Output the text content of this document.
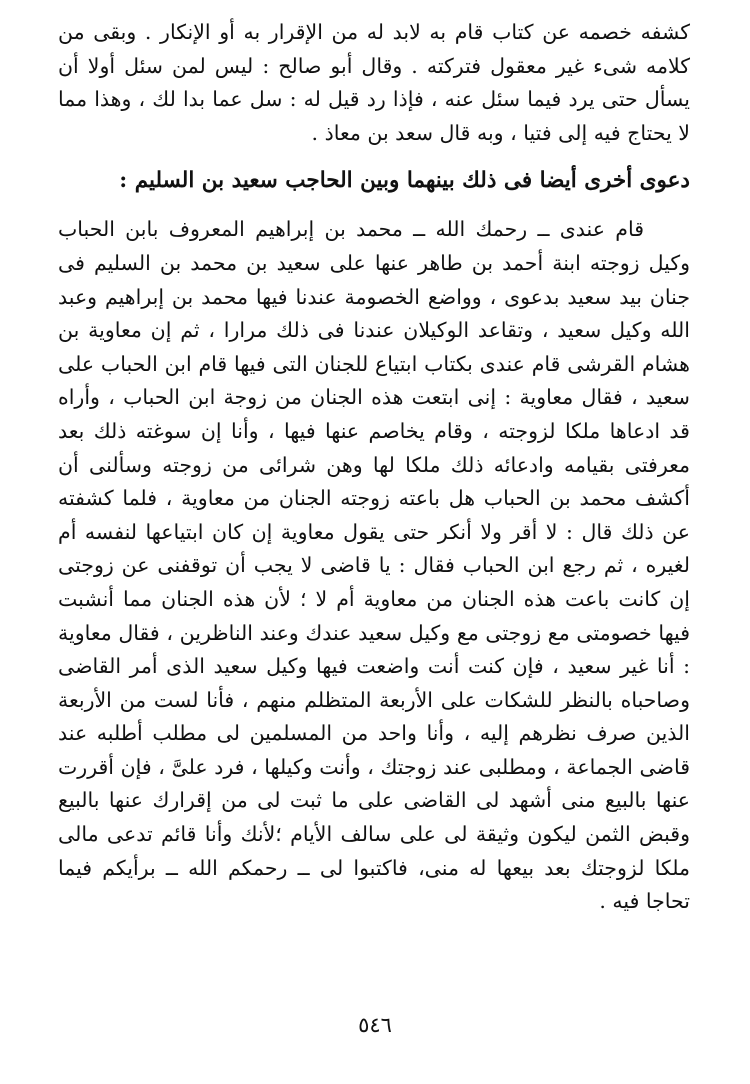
كشفه خصمه عن كتاب قام به لابد له من الإقرار به أو الإنكار . وبقى من كلامه شىء غير معقول فتركته . وقال أبو صالح : ليس لمن سئل أولا أن يسأل حتى يرد فيما سئل عنه ، فإذا رد قيل له : سل عما بدا لك ، وهذا مما لا يحتاج فيه إلى فتيا ، وبه قال سعد بن معاذ .

دعوى أخرى أيضا فى ذلك بينهما وبين الحاجب سعيد بن السليم :

قام عندى ــ رحمك الله ــ محمد بن إبراهيم المعروف بابن الحباب وكيل زوجته ابنة أحمد بن طاهر عنها على سعيد بن محمد بن السليم فى جنان بيد سعيد بدعوى ، وواضع الخصومة عندنا فيها محمد بن إبراهيم وعبد الله وكيل سعيد ، وتقاعد الوكيلان عندنا فى ذلك مرارا ، ثم إن معاوية بن هشام القرشى قام عندى بكتاب ابتياع للجنان التى فيها قام ابن الحباب على سعيد ، فقال معاوية : إنى ابتعت هذه الجنان من زوجة ابن الحباب ، وأراه قد ادعاها ملكا لزوجته ، وقام يخاصم عنها فيها ، وأنا إن سوغته ذلك بعد معرفتى بقيامه وادعائه ذلك ملكا لها وهن شرائى من زوجته وسألنى أن أكشف محمد بن الحباب هل باعته زوجته الجنان من معاوية ، فلما كشفته عن ذلك قال : لا أقر ولا أنكر حتى يقول معاوية إن كان ابتياعها لنفسه أم لغيره ، ثم رجع ابن الحباب فقال : يا قاضى لا يجب أن توقفنى عن زوجتى إن كانت باعت هذه الجنان من معاوية أم لا ؛ لأن هذه الجنان مما أنشبت فيها خصومتى مع زوجتى مع وكيل سعيد عندك وعند الناظرين ، فقال معاوية : أنا غير سعيد ، فإن كنت أنت واضعت فيها وكيل سعيد الذى أمر القاضى وصاحباه بالنظر للشكات على الأربعة المتظلم منهم ، فأنا لست من الأربعة الذين صرف نظرهم إليه ، وأنا واحد من المسلمين لى مطلب أطلبه عند قاضى الجماعة ، ومطلبى عند زوجتك ، وأنت وكيلها ، فرد علىَّ ، فإن أقررت عنها بالبيع منى أشهد لى القاضى على ما ثبت لى من إقرارك عنها بالبيع وقبض الثمن ليكون وثيقة لى على سالف الأيام ؛لأنك وأنا قائم تدعى مالى ملكا لزوجتك بعد بيعها له منى، فاكتبوا لى ــ رحمكم الله ــ برأيكم فيما تحاجا فيه .

٥٤٦
